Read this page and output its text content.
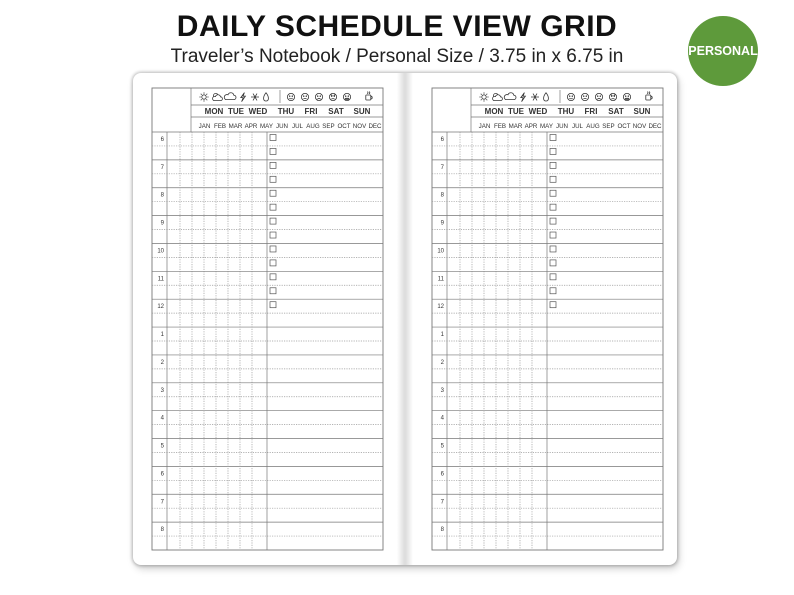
DAILY SCHEDULE VIEW GRID
Traveler’s Notebook / Personal Size / 3.75 in x 6.75 in	PERSONAL
MON TUE WED THU FRI SAT SUN
JAN FEB MAR APR MAY JUN JUL AUG SEP OCT NOV DEC
6
7
8
9
10
11
12
1
2
3
4
5
6
7
8
MON TUE WED THU FRI SAT SUN
JAN FEB MAR APR MAY JUN JUL AUG SEP OCT NOV DEC
6
7
8
9
10
11
12
1
2
3
4
5
6
7
8
